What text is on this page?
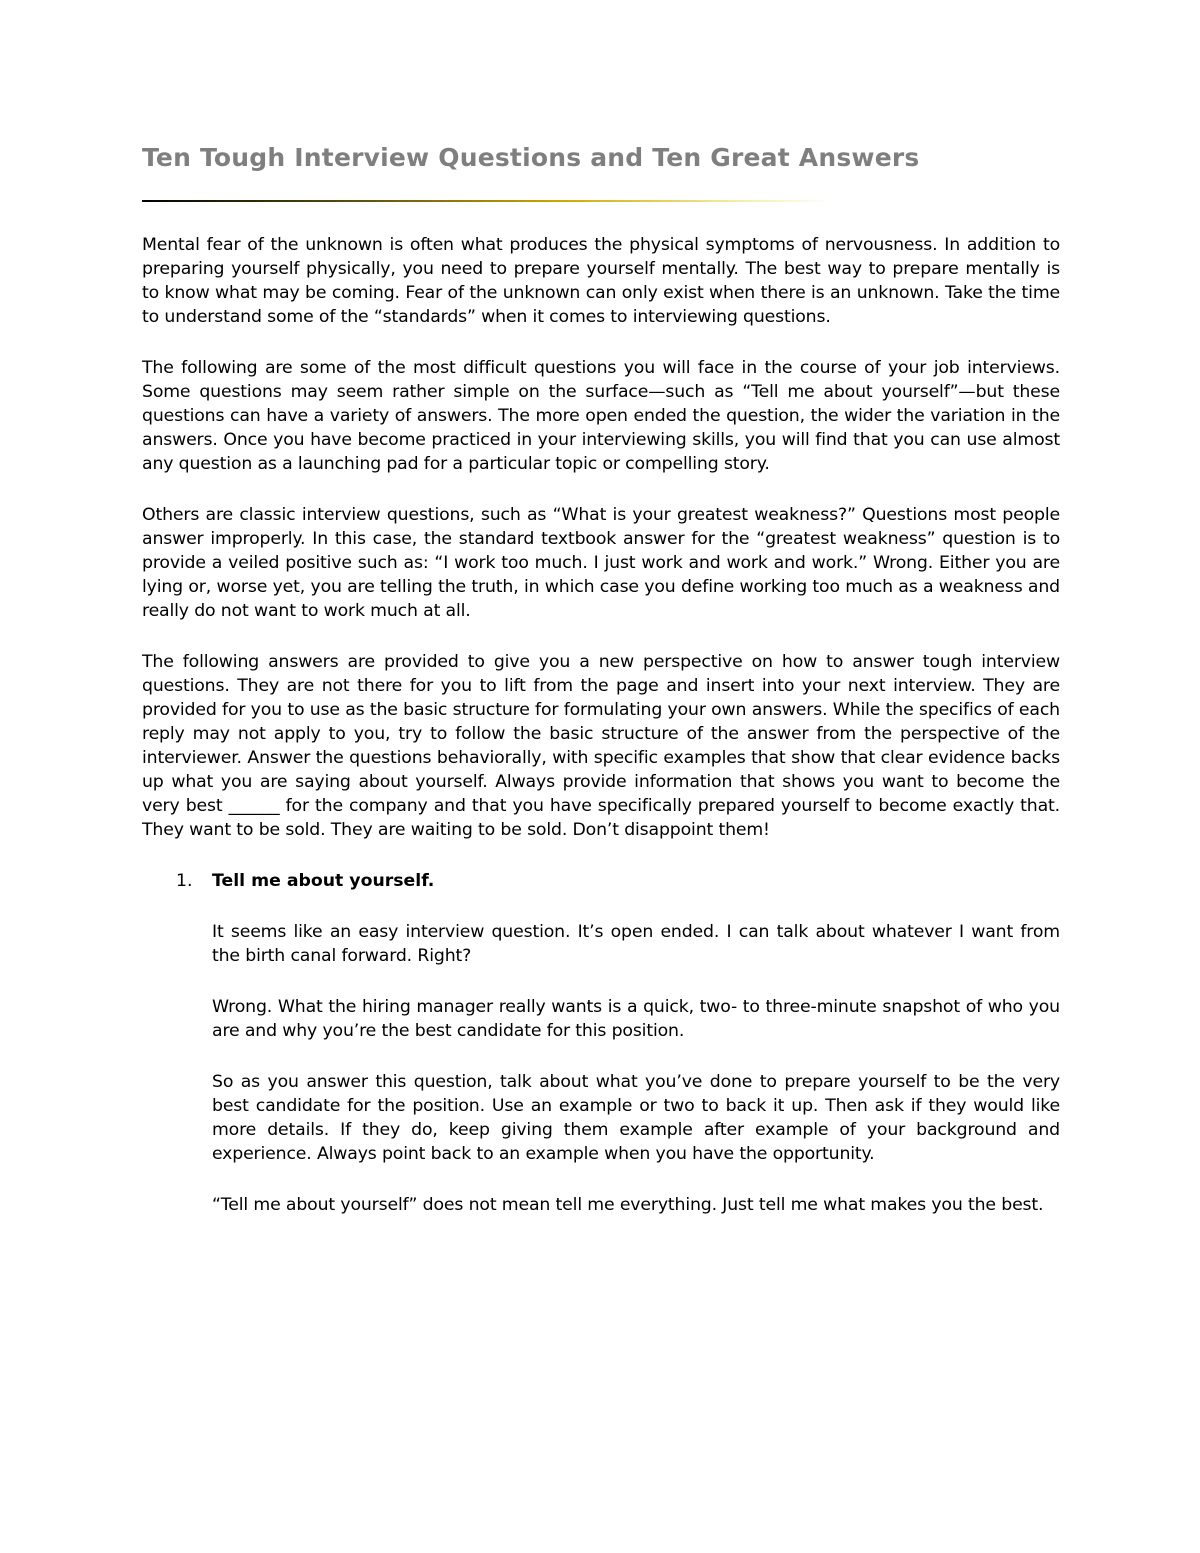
Ten Tough Interview Questions and Ten Great Answers

Mental fear of the unknown is often what produces the physical symptoms of nervousness. In addition to preparing yourself physically, you need to prepare yourself mentally. The best way to prepare mentally is to know what may be coming. Fear of the unknown can only exist when there is an unknown. Take the time to understand some of the “standards” when it comes to interviewing questions.

The following are some of the most difficult questions you will face in the course of your job interviews. Some questions may seem rather simple on the surface—such as “Tell me about yourself”—but these questions can have a variety of answers. The more open ended the question, the wider the variation in the answers. Once you have become practiced in your interviewing skills, you will find that you can use almost any question as a launching pad for a particular topic or compelling story.

Others are classic interview questions, such as “What is your greatest weakness?” Questions most people answer improperly. In this case, the standard textbook answer for the “greatest weakness” question is to provide a veiled positive such as: “I work too much. I just work and work and work.” Wrong. Either you are lying or, worse yet, you are telling the truth, in which case you define working too much as a weakness and really do not want to work much at all.

The following answers are provided to give you a new perspective on how to answer tough interview questions. They are not there for you to lift from the page and insert into your next interview. They are provided for you to use as the basic structure for formulating your own answers. While the specifics of each reply may not apply to you, try to follow the basic structure of the answer from the perspective of the interviewer. Answer the questions behaviorally, with specific examples that show that clear evidence backs up what you are saying about yourself. Always provide information that shows you want to become the very best ______ for the company and that you have specifically prepared yourself to become exactly that. They want to be sold. They are waiting to be sold. Don’t disappoint them!

1. Tell me about yourself.

It seems like an easy interview question. It’s open ended. I can talk about whatever I want from the birth canal forward. Right?

Wrong. What the hiring manager really wants is a quick, two- to three-minute snapshot of who you are and why you’re the best candidate for this position.

So as you answer this question, talk about what you’ve done to prepare yourself to be the very best candidate for the position. Use an example or two to back it up. Then ask if they would like more details. If they do, keep giving them example after example of your background and experience. Always point back to an example when you have the opportunity.

“Tell me about yourself” does not mean tell me everything. Just tell me what makes you the best.
